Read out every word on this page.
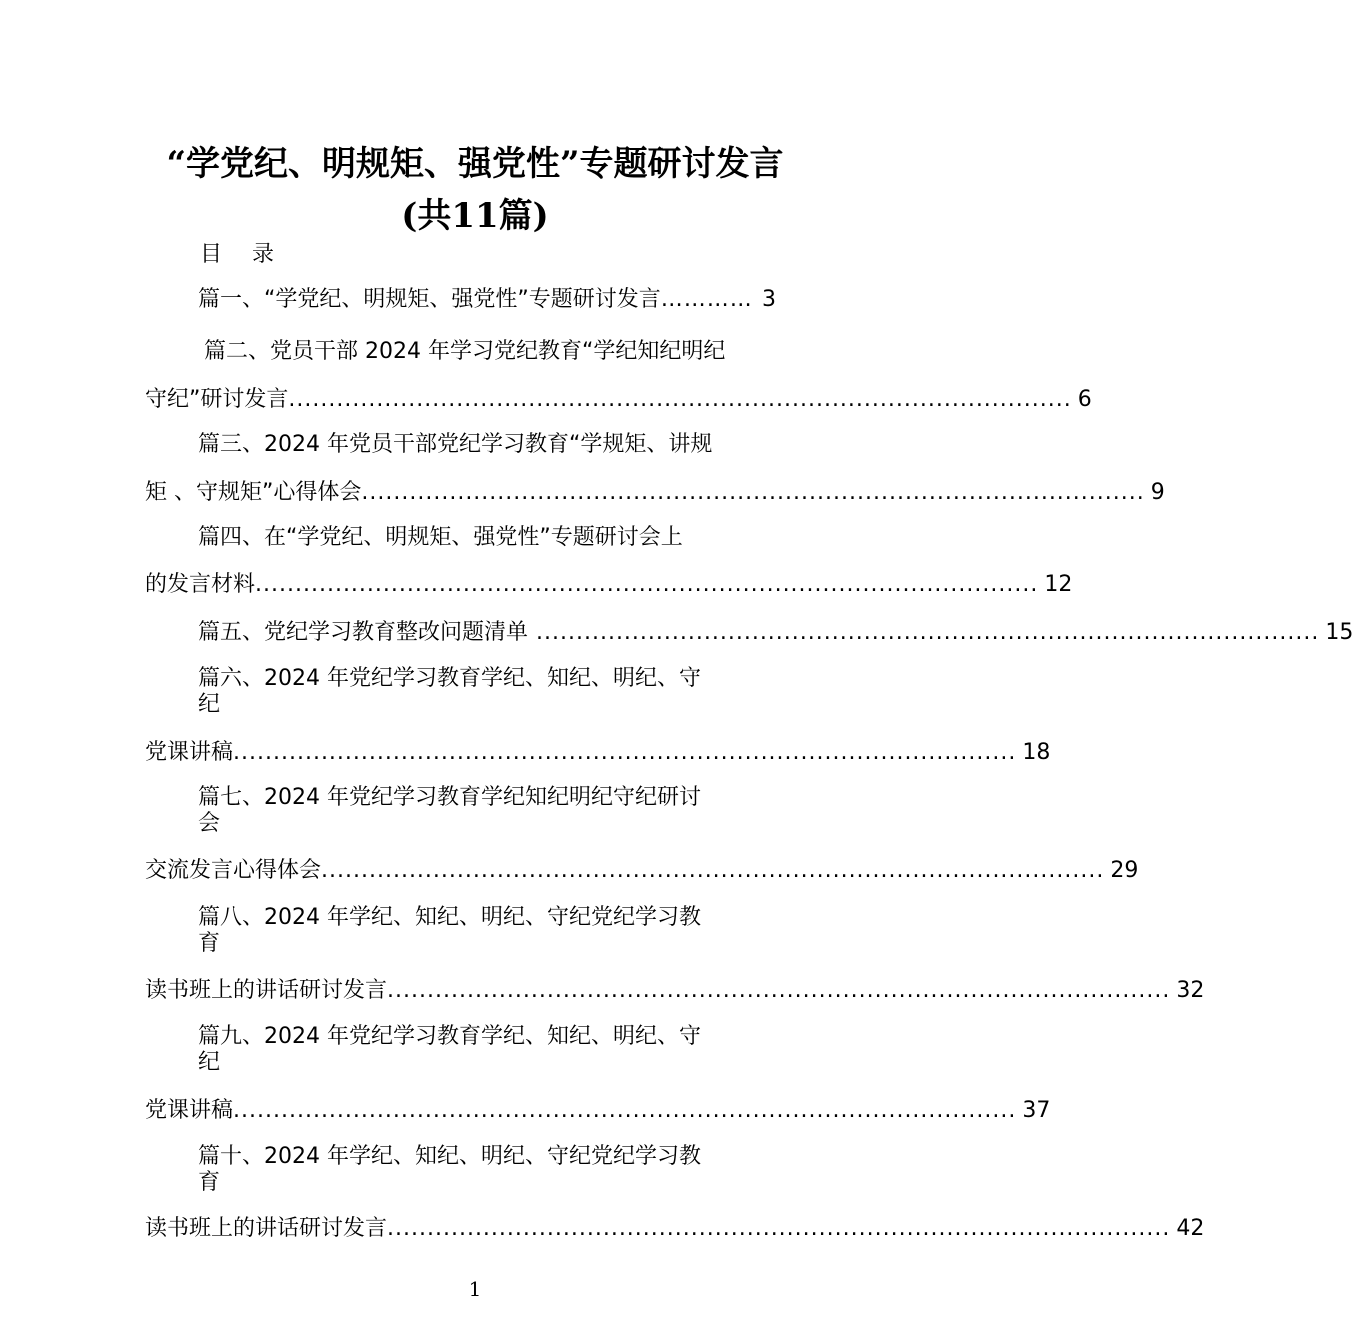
“学党纪、明规矩、强党性”专题研讨发言
(共11篇)
目录
篇一、“学党纪、明规矩、强党性”专题研讨发言 ………… 3
篇二、党员干部 2024 年学习党纪教育“学纪知纪明纪
守纪”研讨发言 .................................................................................................. 6
篇三、2024 年党员干部党纪学习教育“学规矩、讲规
矩 、守规矩”心得体会 .................................................................................................. 9
篇四、在“学党纪、明规矩、强党性”专题研讨会上
的发言材料 .................................................................................................. 12
篇五、党纪学习教育整改问题清单 .................................................................................................. 15
篇六、2024 年党纪学习教育学纪、知纪、明纪、守
纪
党课讲稿 .................................................................................................. 18
篇七、2024 年党纪学习教育学纪知纪明纪守纪研讨
会
交流发言心得体会 .................................................................................................. 29
篇八、2024 年学纪、知纪、明纪、守纪党纪学习教
育
读书班上的讲话研讨发言 .................................................................................................. 32
篇九、2024 年党纪学习教育学纪、知纪、明纪、守
纪
党课讲稿 .................................................................................................. 37
篇十、2024 年学纪、知纪、明纪、守纪党纪学习教
育
读书班上的讲话研讨发言 .................................................................................................. 42
1
